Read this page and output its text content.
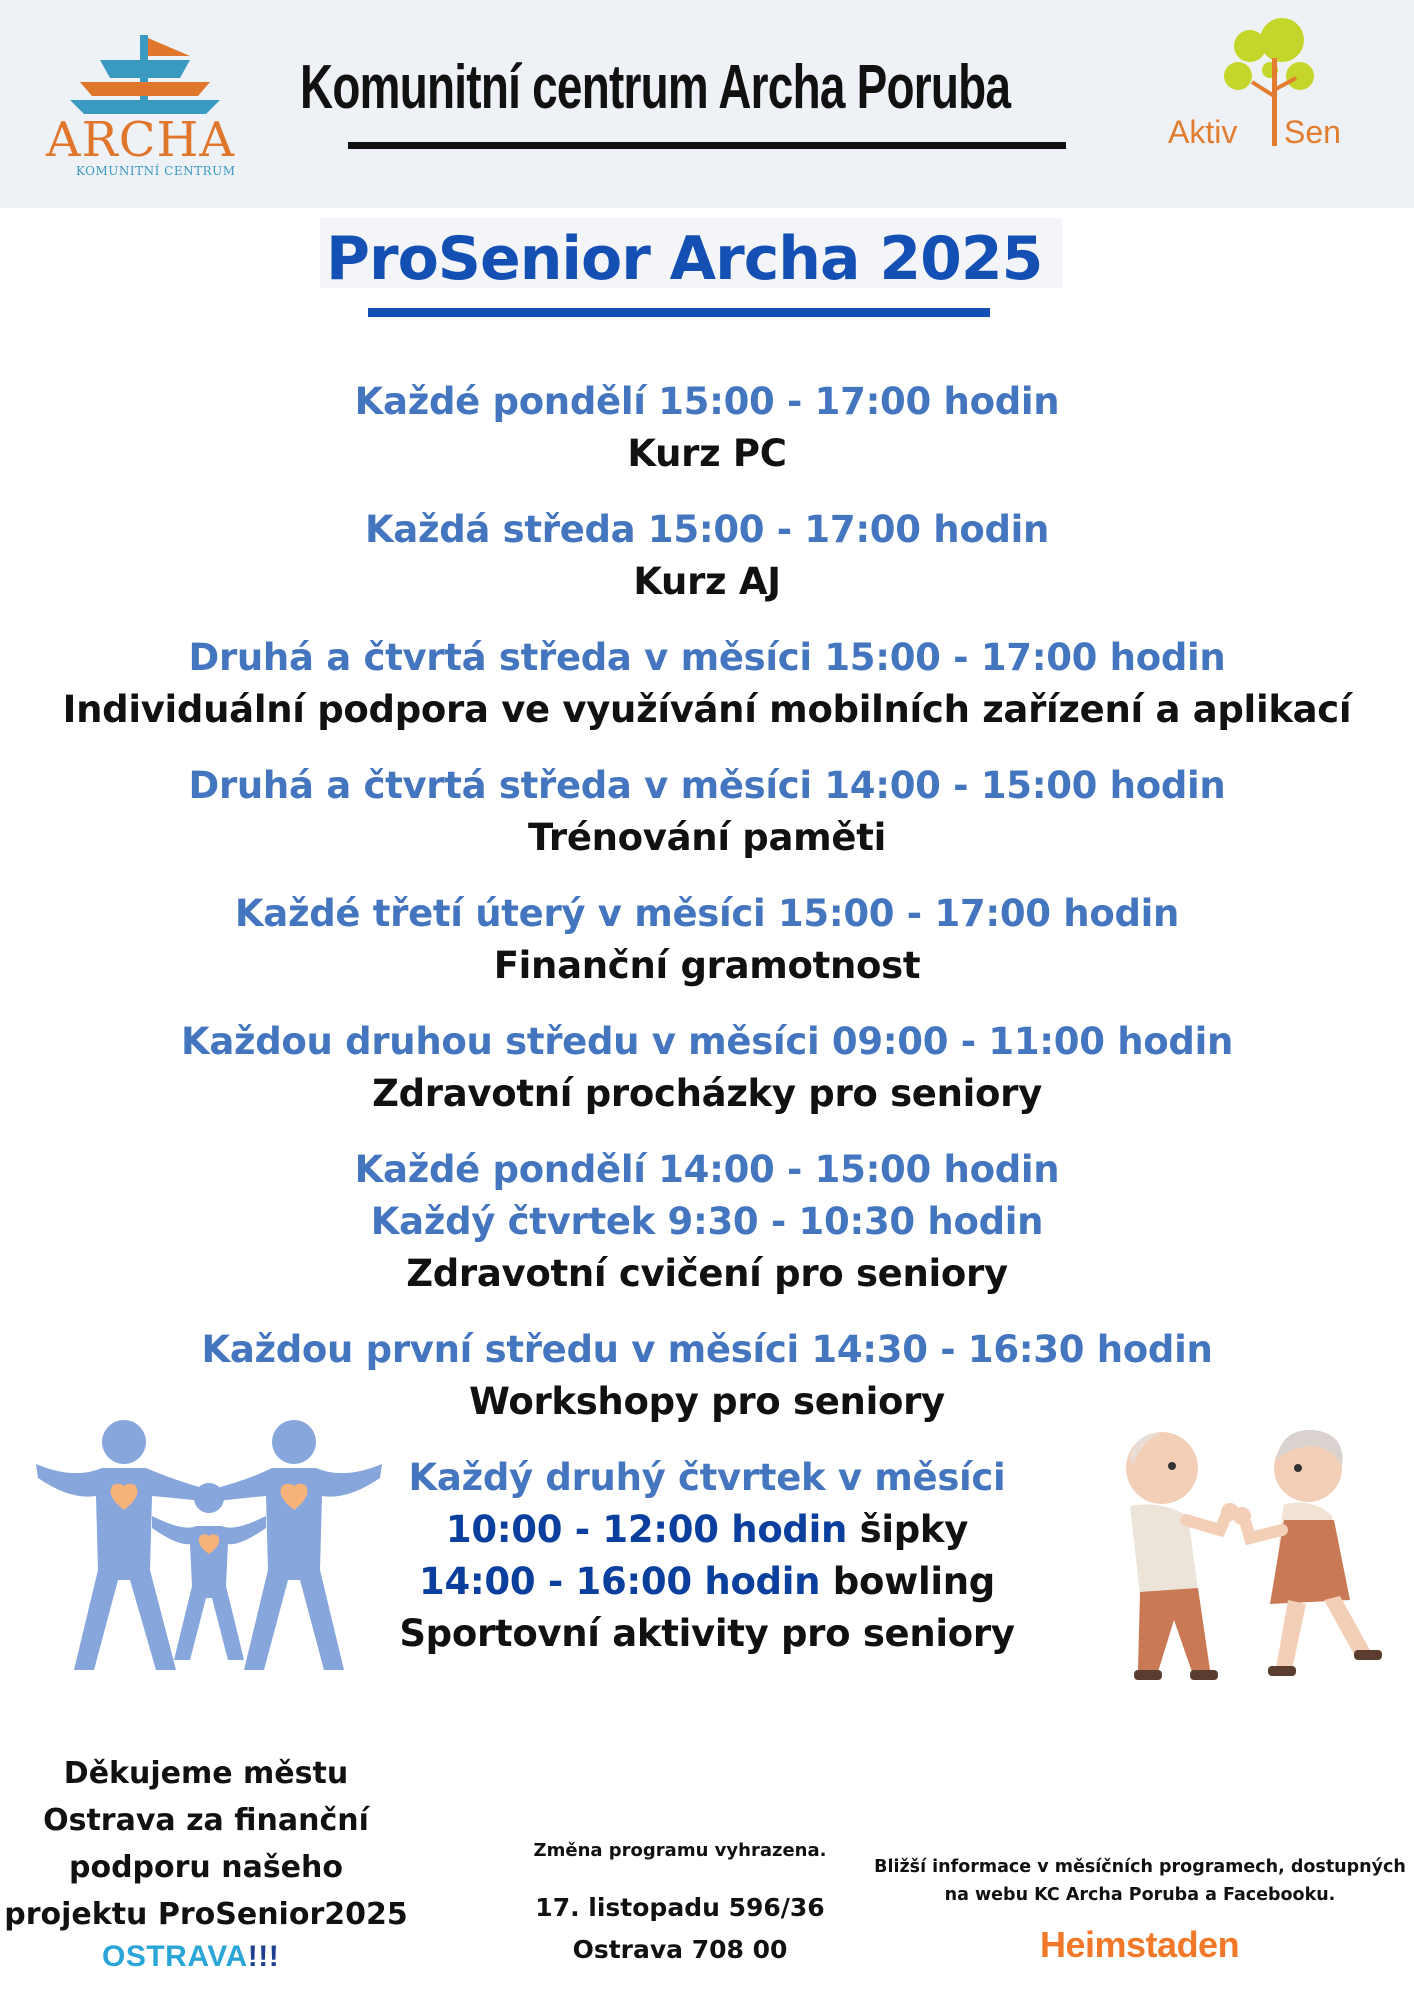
ARCHA
KOMUNITNÍ CENTRUM
Komunitní centrum Archa Poruba
Aktiv Sen
ProSenior Archa 2025
Každé pondělí 15:00 - 17:00 hodin
Kurz PC
Každá středa 15:00 - 17:00 hodin
Kurz AJ
Druhá a čtvrtá středa v měsíci 15:00 - 17:00 hodin
Individuální podpora ve využívání mobilních zařízení a aplikací
Druhá a čtvrtá středa v měsíci 14:00 - 15:00 hodin
Trénování paměti
Každé třetí úterý v měsíci 15:00 - 17:00 hodin
Finanční gramotnost
Každou druhou středu v měsíci 09:00 - 11:00 hodin
Zdravotní procházky pro seniory
Každé pondělí 14:00 - 15:00 hodin
Každý čtvrtek 9:30 - 10:30 hodin
Zdravotní cvičení pro seniory
Každou první středu v měsíci 14:30 - 16:30 hodin
Workshopy pro seniory
Každý druhý čtvrtek v měsíci
10:00 - 12:00 hodin šipky
14:00 - 16:00 hodin bowling
Sportovní aktivity pro seniory
Děkujeme městu
Ostrava za finanční
podporu našeho
projektu ProSenior2025
OSTRAVA!!!
Změna programu vyhrazena.
17. listopadu 596/36
Ostrava 708 00
Bližší informace v měsíčních programech, dostupných
na webu KC Archa Poruba a Facebooku.
Heimstaden
